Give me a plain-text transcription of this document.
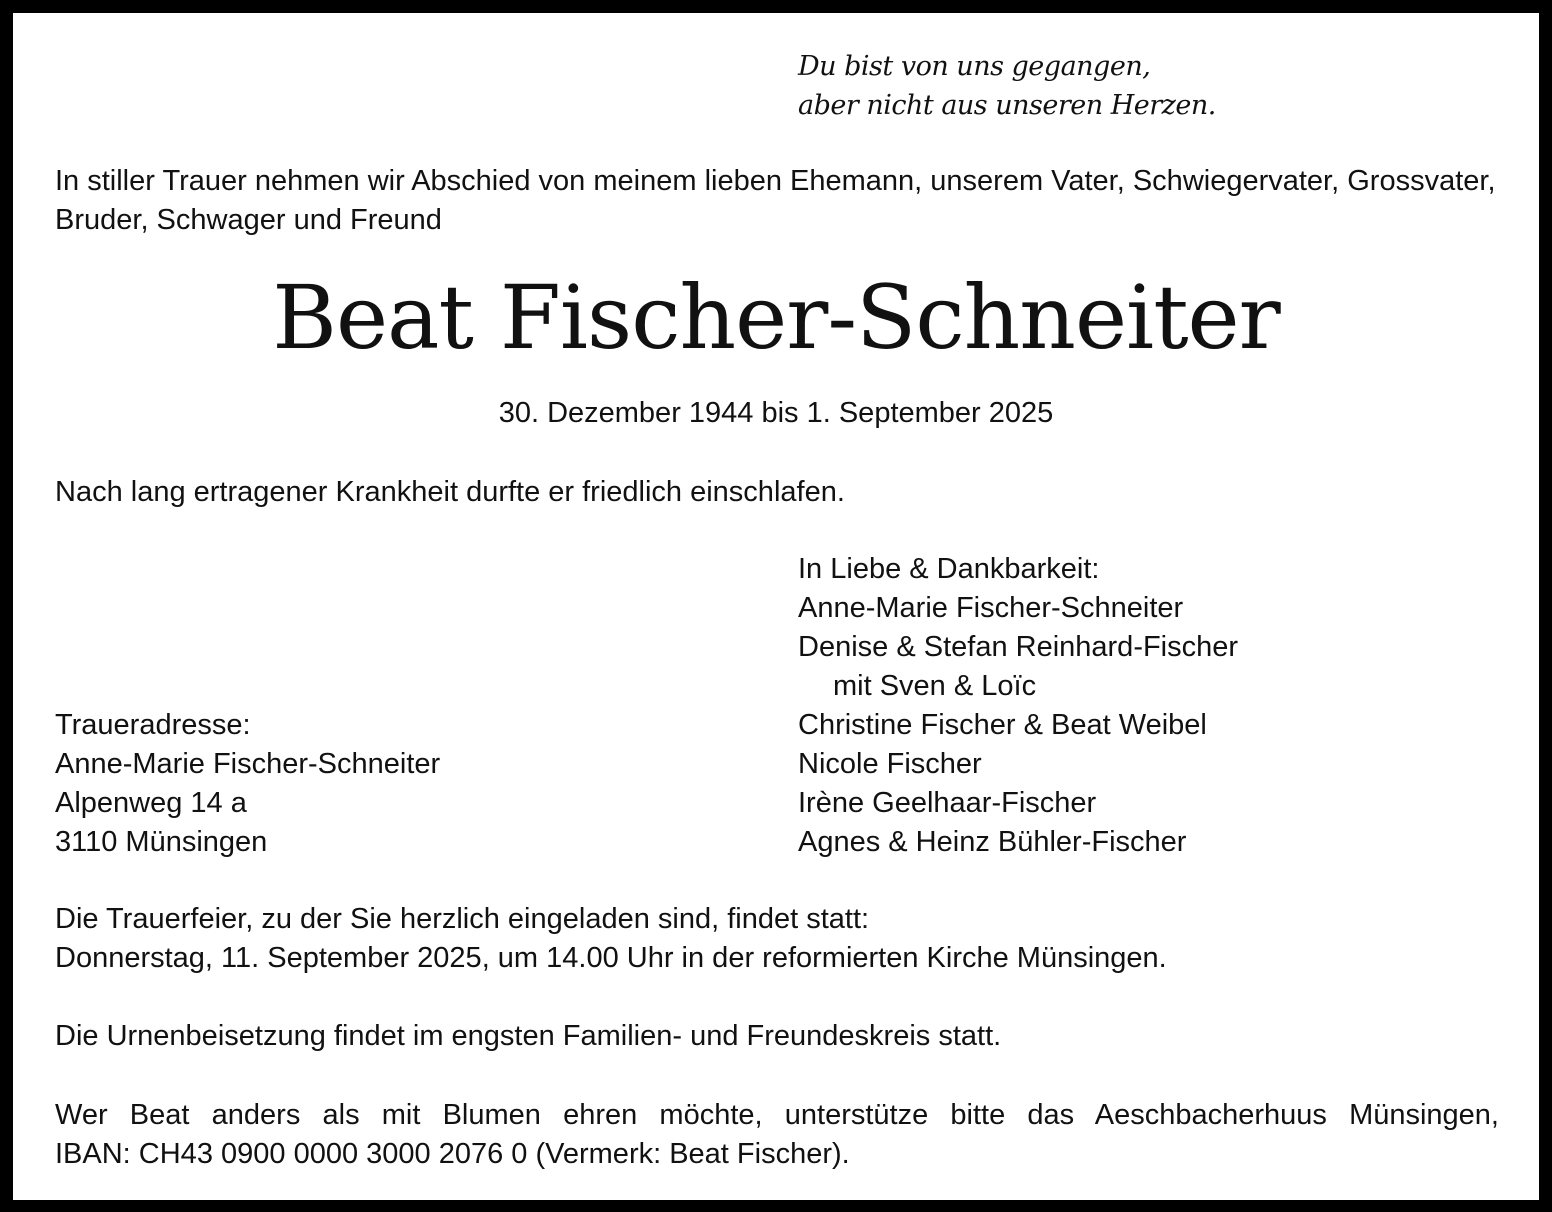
Du bist von uns gegangen,
aber nicht aus unseren Herzen.
In stiller Trauer nehmen wir Abschied von meinem lieben Ehemann, unserem Vater, Schwiegervater, Grossvater,
Bruder, Schwager und Freund
Beat Fischer-Schneiter
30. Dezember 1944 bis 1. September 2025
Nach lang ertragener Krankheit durfte er friedlich einschlafen.
In Liebe & Dankbarkeit:
Anne-Marie Fischer-Schneiter
Denise & Stefan Reinhard-Fischer
mit Sven & Loïc
Christine Fischer & Beat Weibel
Nicole Fischer
Irène Geelhaar-Fischer
Agnes & Heinz Bühler-Fischer
Traueradresse:
Anne-Marie Fischer-Schneiter
Alpenweg 14 a
3110 Münsingen
Die Trauerfeier, zu der Sie herzlich eingeladen sind, findet statt:
Donnerstag, 11. September 2025, um 14.00 Uhr in der reformierten Kirche Münsingen.
Die Urnenbeisetzung findet im engsten Familien- und Freundeskreis statt.
Wer Beat anders als mit Blumen ehren möchte, unterstütze bitte das Aeschbacherhuus Münsingen,
IBAN: CH43 0900 0000 3000 2076 0 (Vermerk: Beat Fischer).
